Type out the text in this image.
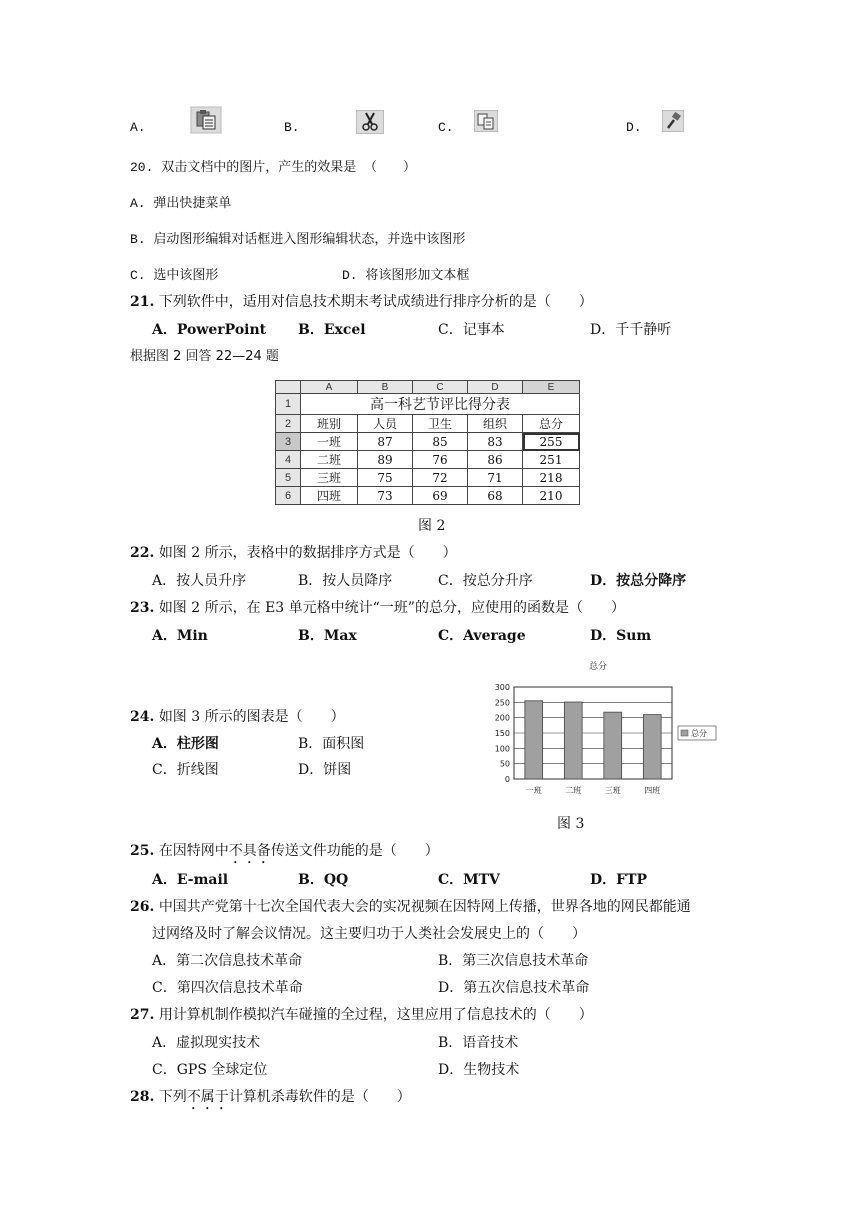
A.	B.	C.	D.
20. 双击文档中的图片，产生的效果是 （　　）
A. 弹出快捷菜单
B. 启动图形编辑对话框进入图形编辑状态，并选中该图形
C. 选中该图形	D. 将该图形加文本框
21. 下列软件中，适用对信息技术期末考试成绩进行排序分析的是（　　）
A．PowerPoint B．Excel	C．记事本	D．千千静听
根据图 2 回答 22—24 题
	A	B	C	D	E
1	高一科艺节评比得分表				
2	班别	人员	卫生	组织	总分
3	一班	87	85	83	255
4	二班	89	76	86	251
5	三班	75	72	71	218
6	四班	73	69	68	210
图 2
22. 如图 2 所示，表格中的数据排序方式是（　　）
A．按人员升序	B．按人员降序	C．按总分升序	D．按总分降序
23. 如图 2 所示，在 E3 单元格中统计“一班”的总分，应使用的函数是（　　）
A．Min	B．Max	C．Average	D．Sum
24. 如图 3 所示的图表是（　　）
A．柱形图	B．面积图
C．折线图	D．饼图
总分
0
50
100
150
200
250
300
一班	二班	三班	四班
总分
图 3
25. 在因特网中不具备传送文件功能的是（　　）
A．E-mail	B．QQ	C．MTV	D．FTP
26. 中国共产党第十七次全国代表大会的实况视频在因特网上传播，世界各地的网民都能通
过网络及时了解会议情况。这主要归功于人类社会发展史上的（　　）
A．第二次信息技术革命	B．第三次信息技术革命
C．第四次信息技术革命	D．第五次信息技术革命
27. 用计算机制作模拟汽车碰撞的全过程，这里应用了信息技术的（　　）
A．虚拟现实技术	B．语音技术
C．GPS 全球定位	D．生物技术
28. 下列不属于计算机杀毒软件的是（　　）
